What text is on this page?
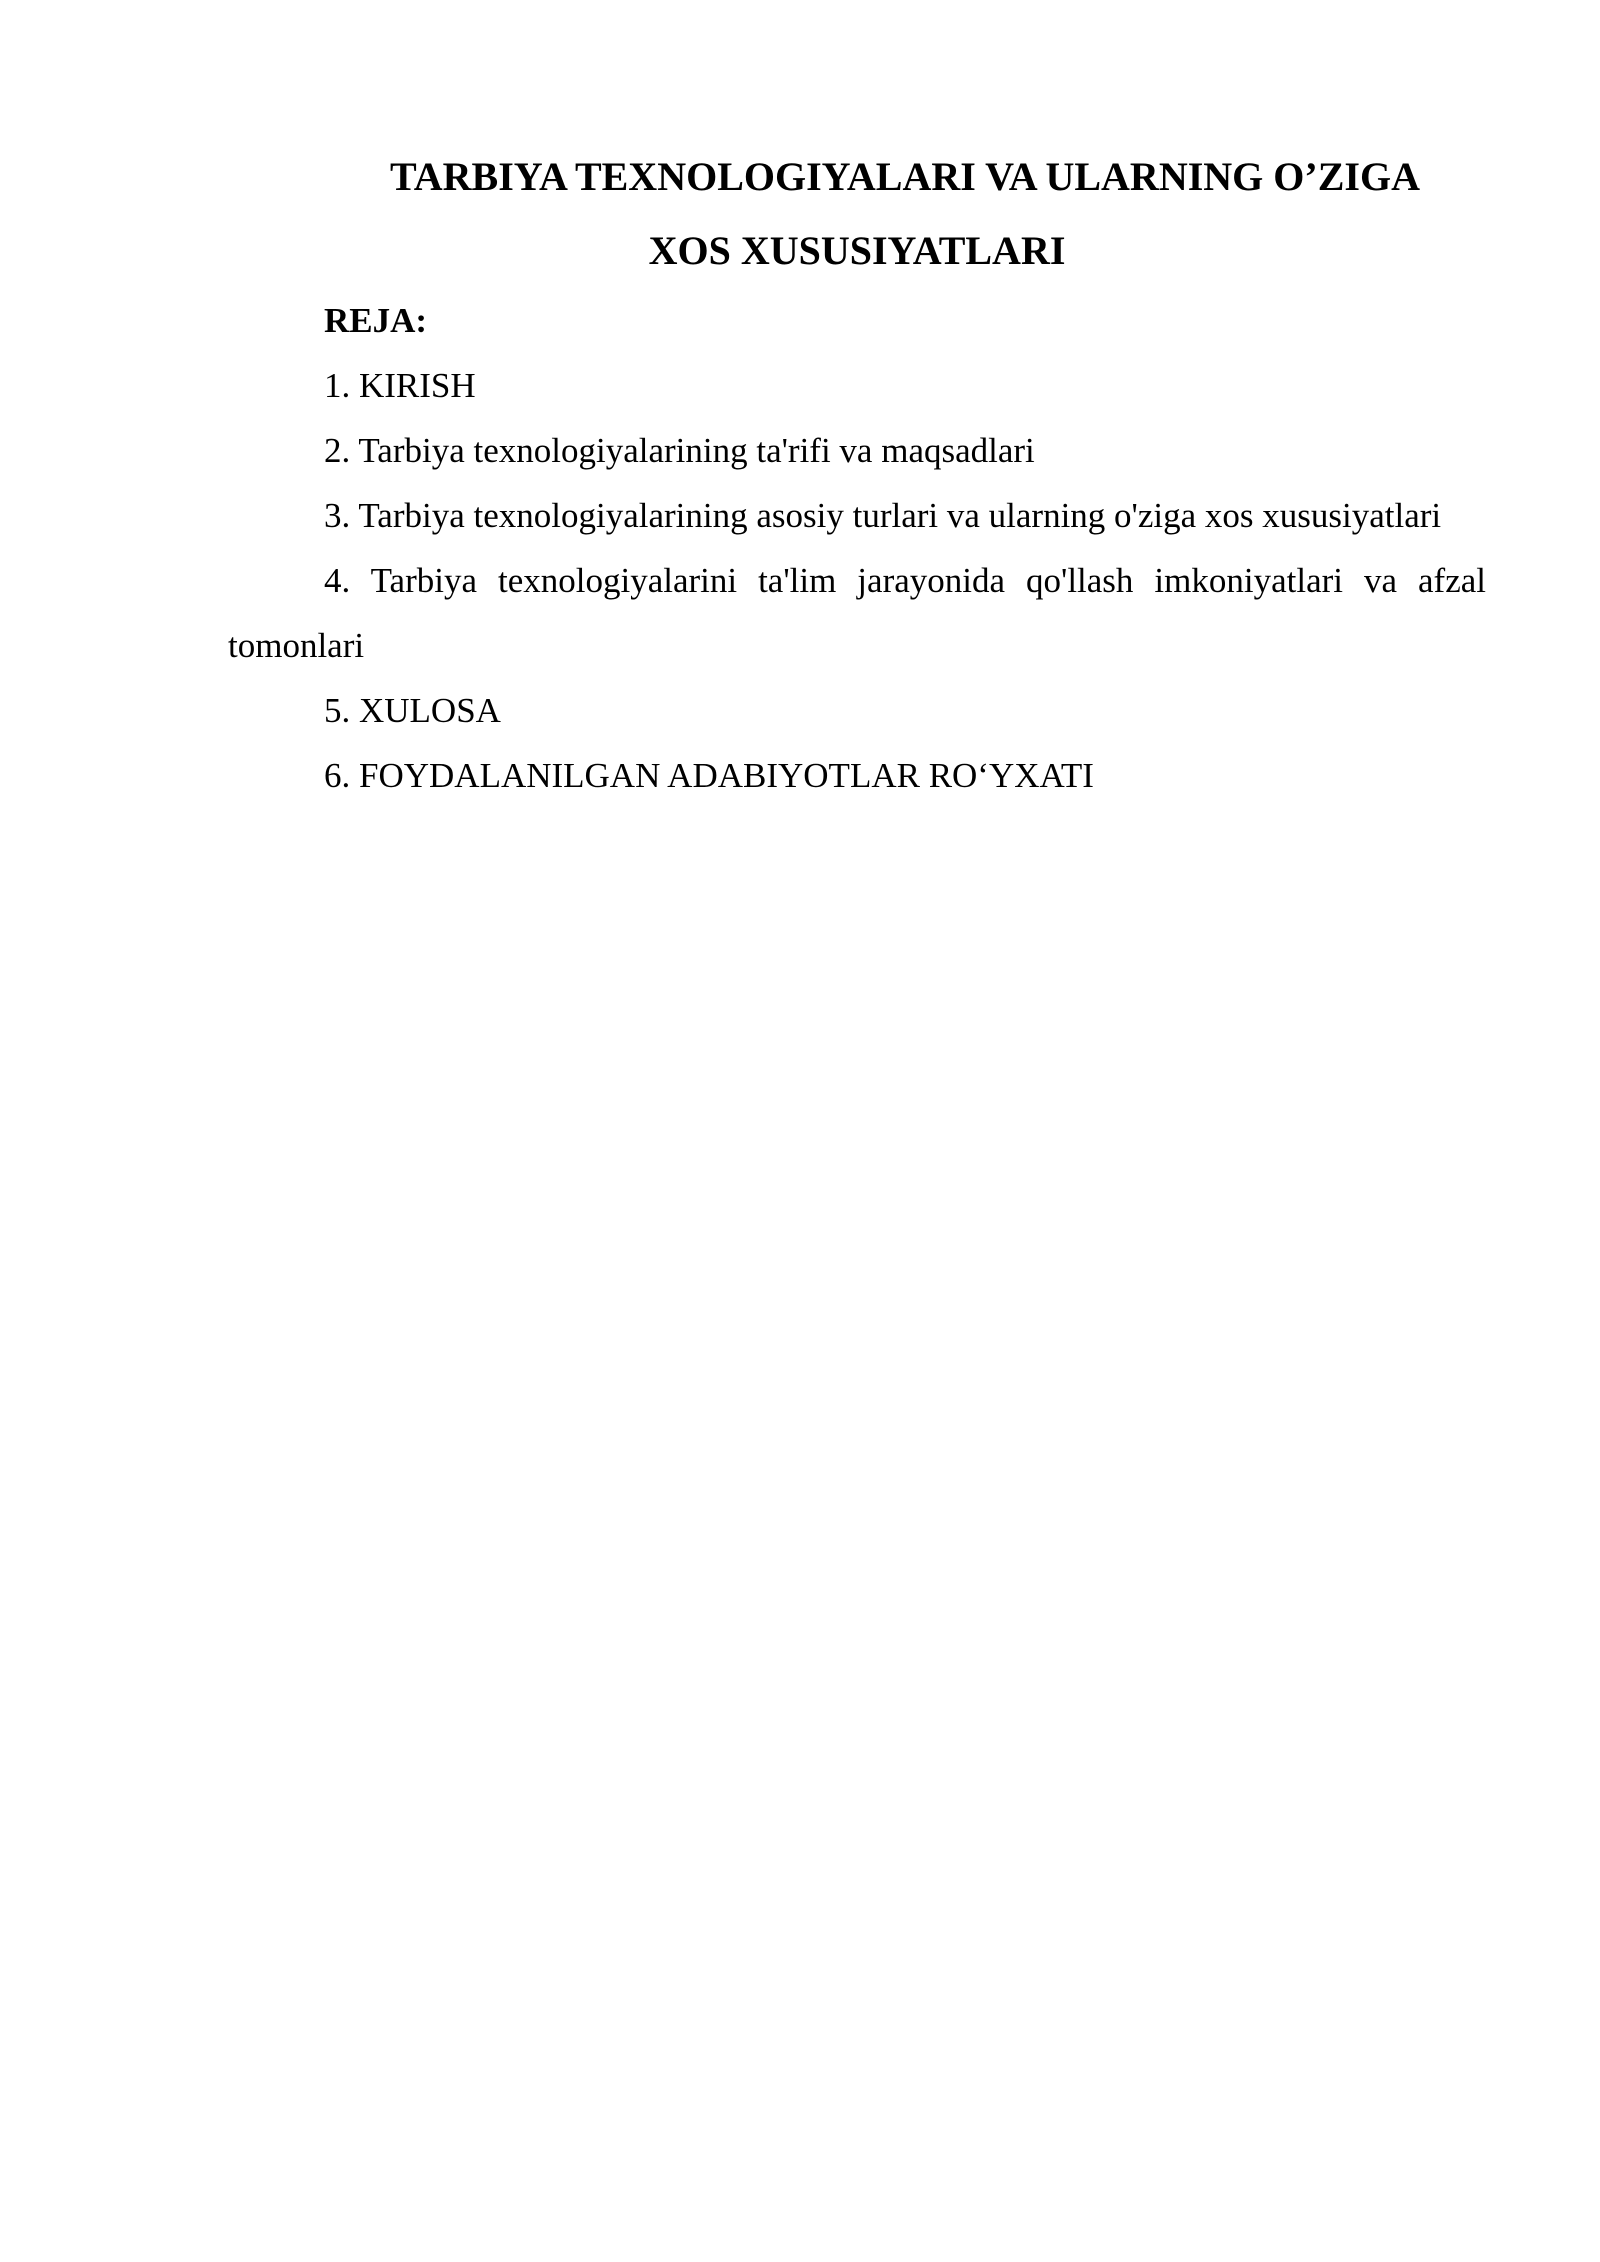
TARBIYA TEXNOLOGIYALARI VA ULARNING O’ZIGA
XOS XUSUSIYATLARI

REJA:

1. KIRISH

2. Tarbiya texnologiyalarining ta'rifi va maqsadlari

3. Tarbiya texnologiyalarining asosiy turlari va ularning o'ziga xos xususiyatlari

4. Tarbiya texnologiyalarini ta'lim jarayonida qo'llash imkoniyatlari va afzal tomonlari

5. XULOSA

6. FOYDALANILGAN ADABIYOTLAR RO‘YXATI
